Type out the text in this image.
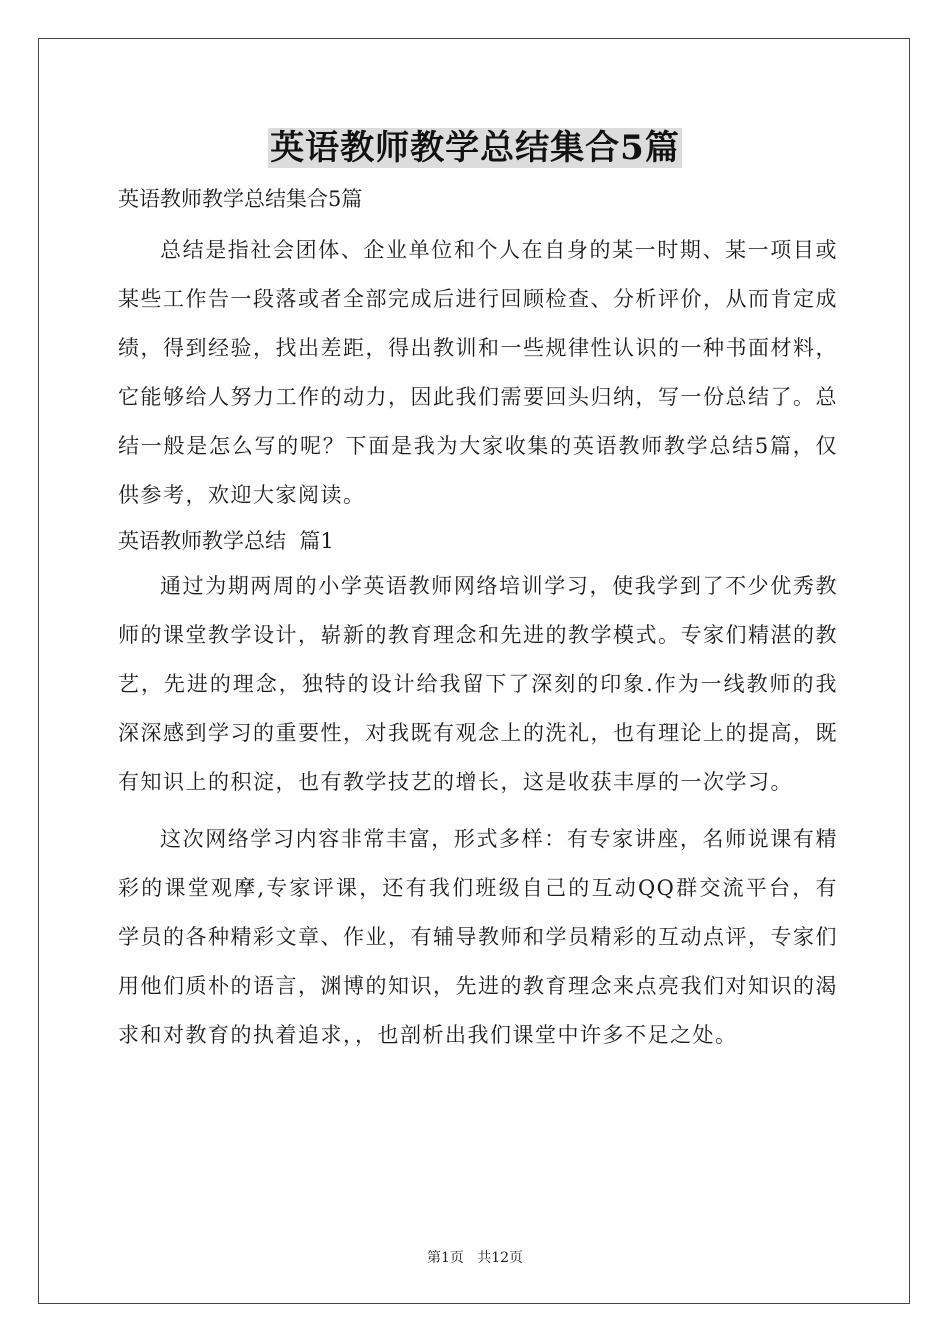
英语教师教学总结集合5篇

英语教师教学总结集合5篇

总结是指社会团体、企业单位和个人在自身的某一时期、某一项目或某些工作告一段落或者全部完成后进行回顾检查、分析评价，从而肯定成绩，得到经验，找出差距，得出教训和一些规律性认识的一种书面材料，它能够给人努力工作的动力，因此我们需要回头归纳，写一份总结了。总结一般是怎么写的呢？下面是我为大家收集的英语教师教学总结5篇，仅供参考，欢迎大家阅读。

英语教师教学总结  篇1

通过为期两周的小学英语教师网络培训学习，使我学到了不少优秀教师的课堂教学设计，崭新的教育理念和先进的教学模式。专家们精湛的教艺，先进的理念，独特的设计给我留下了深刻的印象.作为一线教师的我深深感到学习的重要性，对我既有观念上的洗礼，也有理论上的提高，既有知识上的积淀，也有教学技艺的增长，这是收获丰厚的一次学习。

这次网络学习内容非常丰富，形式多样：有专家讲座，名师说课有精彩的课堂观摩,专家评课，还有我们班级自己的互动QQ群交流平台，有学员的各种精彩文章、作业，有辅导教师和学员精彩的互动点评，专家们用他们质朴的语言，渊博的知识，先进的教育理念来点亮我们对知识的渴求和对教育的执着追求，，也剖析出我们课堂中许多不足之处。

第1页   共12页
